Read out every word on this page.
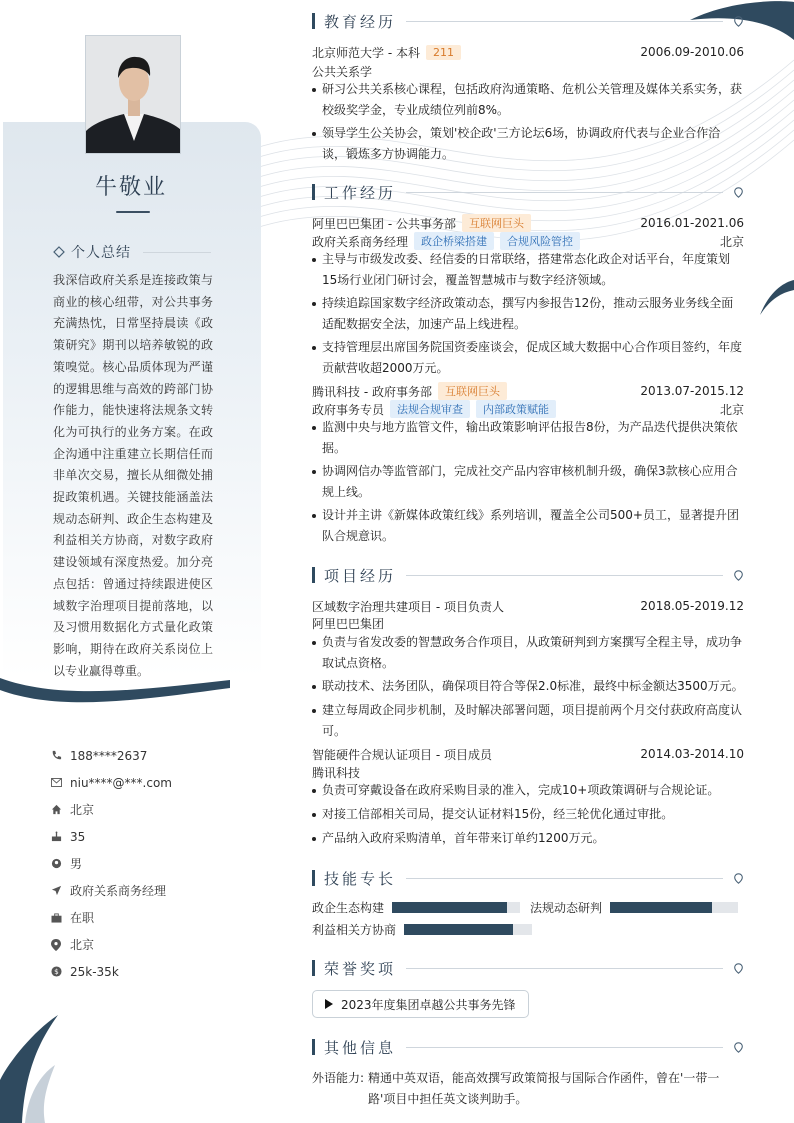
牛敬业
个人总结
我深信政府关系是连接政策与商业的核心纽带，对公共事务充满热忱，日常坚持晨读《政策研究》期刊以培养敏锐的政策嗅觉。核心品质体现为严谨的逻辑思维与高效的跨部门协作能力，能快速将法规条文转化为可执行的业务方案。在政企沟通中注重建立长期信任而非单次交易，擅长从细微处捕捉政策机遇。关键技能涵盖法规动态研判、政企生态构建及利益相关方协商，对数字政府建设领域有深度热爱。加分亮点包括：曾通过持续跟进使区域数字治理项目提前落地，以及习惯用数据化方式量化政策影响，期待在政府关系岗位上以专业赢得尊重。
188****2637
niu****@***.com
北京
35
男
政府关系商务经理
在职
北京
$ 25k-35k
教育经历
北京师范大学 - 本科	211	2006.09-2010.06
公共关系学
研习公共关系核心课程，包括政府沟通策略、危机公关管理及媒体关系实务，获校级奖学金，专业成绩位列前8%。
领导学生公关协会，策划'校企政'三方论坛6场，协调政府代表与企业合作洽谈，锻炼多方协调能力。
工作经历
阿里巴巴集团 - 公共事务部	互联网巨头	2016.01-2021.06
政府关系商务经理	政企桥梁搭建	合规风险管控	北京
主导与市级发改委、经信委的日常联络，搭建常态化政企对话平台，年度策划15场行业闭门研讨会，覆盖智慧城市与数字经济领域。
持续追踪国家数字经济政策动态，撰写内参报告12份，推动云服务业务线全面适配数据安全法，加速产品上线进程。
支持管理层出席国务院国资委座谈会，促成区域大数据中心合作项目签约，年度贡献营收超2000万元。
腾讯科技 - 政府事务部	互联网巨头	2013.07-2015.12
政府事务专员	法规合规审查	内部政策赋能	北京
监测中央与地方监管文件，输出政策影响评估报告8份，为产品迭代提供决策依据。
协调网信办等监管部门，完成社交产品内容审核机制升级，确保3款核心应用合规上线。
设计并主讲《新媒体政策红线》系列培训，覆盖全公司500+员工，显著提升团队合规意识。
项目经历
区域数字治理共建项目 - 项目负责人	2018.05-2019.12
阿里巴巴集团
负责与省发改委的智慧政务合作项目，从政策研判到方案撰写全程主导，成功争取试点资格。
联动技术、法务团队，确保项目符合等保2.0标准，最终中标金额达3500万元。
建立每周政企同步机制，及时解决部署问题，项目提前两个月交付获政府高度认可。
智能硬件合规认证项目 - 项目成员	2014.03-2014.10
腾讯科技
负责可穿戴设备在政府采购目录的准入，完成10+项政策调研与合规论证。
对接工信部相关司局，提交认证材料15份，经三轮优化通过审批。
产品纳入政府采购清单，首年带来订单约1200万元。
技能专长
政企生态构建	法规动态研判
利益相关方协商
荣誉奖项
2023年度集团卓越公共事务先锋
其他信息
外语能力: 精通中英双语，能高效撰写政策简报与国际合作函件，曾在'一带一路'项目中担任英文谈判助手。
